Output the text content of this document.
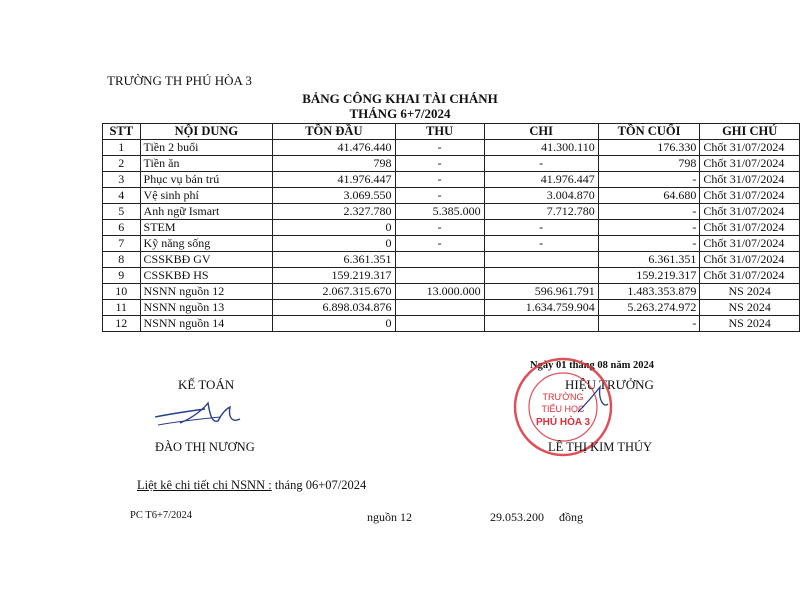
TRƯỜNG TH PHÚ HÒA 3
BẢNG CÔNG KHAI TÀI CHÁNH
THÁNG 6+7/2024
STT	NỘI DUNG	TỒN ĐẦU	THU	CHI	TỒN CUỐI	GHI CHÚ
1	Tiền 2 buổi	41.476.440	-	41.300.110	176.330	Chốt 31/07/2024
2	Tiền ăn	798	-	-	798	Chốt 31/07/2024
3	Phục vụ bán trú	41.976.447	-	41.976.447	-	Chốt 31/07/2024
4	Vệ sinh phí	3.069.550	-	3.004.870	64.680	Chốt 31/07/2024
5	Anh ngữ Ismart	2.327.780	5.385.000	7.712.780	-	Chốt 31/07/2024
6	STEM	0	-	-	-	Chốt 31/07/2024
7	Kỹ năng sống	0	-	-	-	Chốt 31/07/2024
8	CSSKBĐ GV	6.361.351			6.361.351	Chốt 31/07/2024
9	CSSKBĐ HS	159.219.317			159.219.317	Chốt 31/07/2024
10	NSNN nguồn 12	2.067.315.670	13.000.000	596.961.791	1.483.353.879	NS 2024
11	NSNN nguồn 13	6.898.034.876		1.634.759.904	5.263.274.972	NS 2024
12	NSNN nguồn 14	0			-	NS 2024
Ngày 01 tháng 08 năm 2024
KẾ TOÁN	HIỆU TRƯỞNG
TRƯỜNG
TIỂU HỌC
PHÚ HÒA 3
ĐÀO THỊ NƯƠNG	LÊ THỊ KIM THÚY
Liệt kê chi tiết chi NSNN : tháng 06+07/2024
PC T6+7/2024	nguồn 12	29.053.200 đồng
